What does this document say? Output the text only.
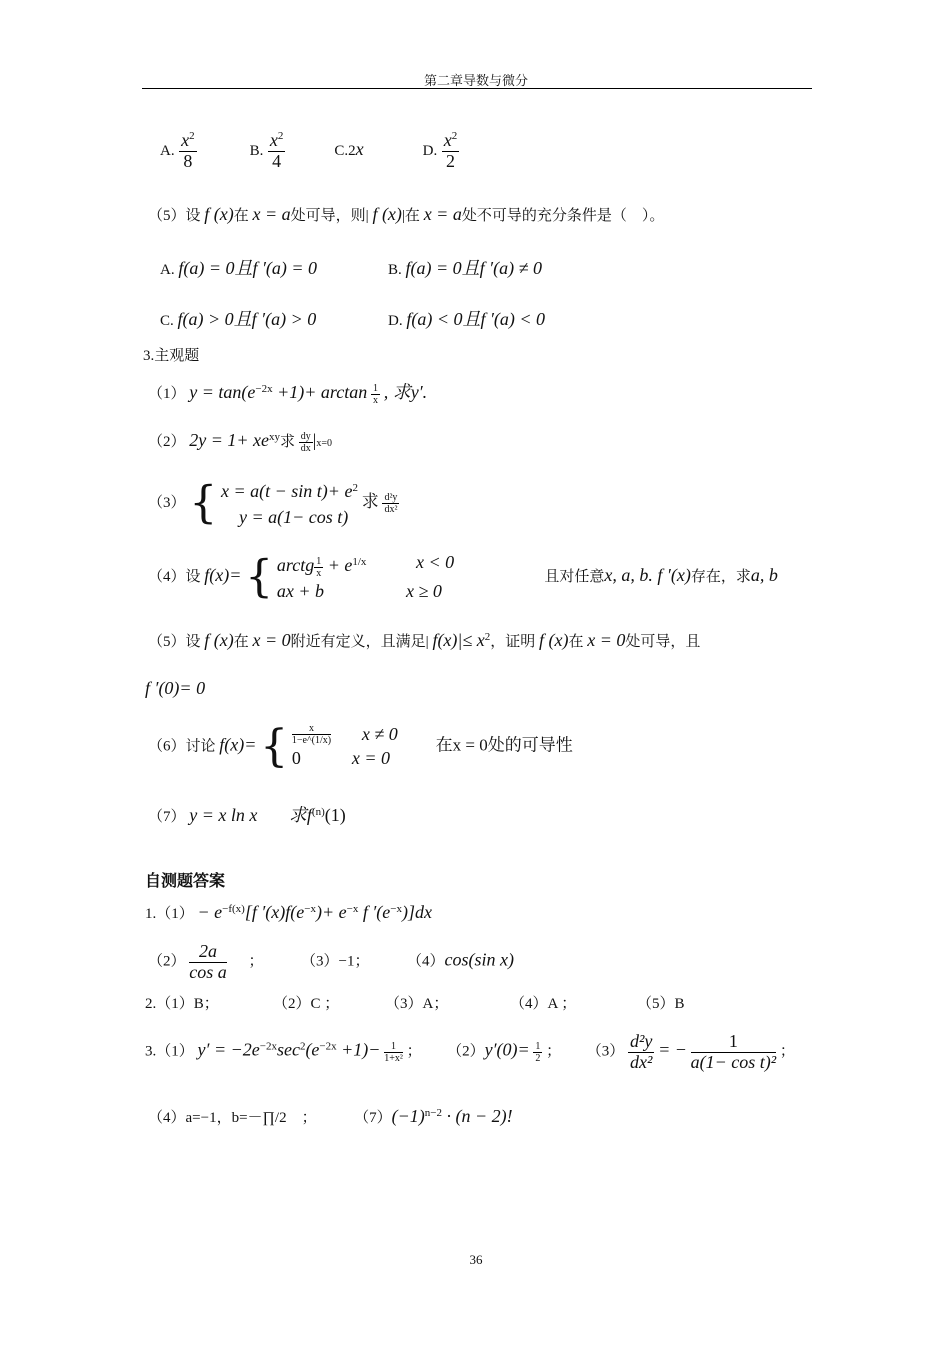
第二章导数与微分
A. $\frac{x^2}{8}$	B. $\frac{x^2}{4}$	C.2x	D. $\frac{x^2}{2}$
（5）设 f (x)在 x = a处可导，则| f (x)|在 x = a处不可导的充分条件是（　）。
A. f(a) = 0且f ′(a) = 0	B. f(a) = 0且f ′(a) ≠ 0
C. f(a) > 0且f ′(a) > 0	D. f(a) < 0且f ′(a) < 0
3.主观题
（1） $y = \tan(e^{-2x} +1)+ \arctan \frac{1}{x}$ , 求y′.
（2） $2y = 1+ xe^{xy}$求 $\frac{dy}{dx} |x=0$
（3） { $x = a(t - \sin t)+ e^2$
y = a(1− cos t) 求 $\frac{\text{d²y}}{\text{dx²}}$
（4）设 f(x)= { arctg $\frac{1}{x} + e^{1/x}$	x < 0

ax + b	x ≥ 0
且对任意x, a, b. f ′(x)存在，求a, b
（5）设 f (x)在 x = 0附近有定义，且满足| $f(x)|\le x^2$，证明 f (x)在 x = 0处可导，且
f ′(0)= 0
（6）讨论 f(x)= { $\frac{x}{1-e\^{}(1/x)}$ x ≠ 0

0	x = 0
在x = 0处的可导性
（7） y = x ln x 求$f^{(n)}(1)$
自测题答案
$1.(1) - e^{-f(x)}[f$ $'(x)f(e^{-x})+ e^{-x}$ f $'(e^{-x})]dx$
$(2) \frac{2a}{\text{cos a}}$ ；	（3）−1；	（4）cos(sin x)
2.（1）B；	（2）C ；	（3）A；	（4）A ；	（5）B
3.（1） $y' = -2e^{-2x}\sec^2(e^{-2x} +1)- \frac{1}{\text{1+x²}}$ ； $(2)y'(0)= \frac{1}{2}$ ； $(3) \frac{\text{d²y}}{\text{dx²}}$ = − $\frac{1}{\text{a(1− cos t)²}}$ ；
（4）a=−1，b=－∏/2　；	$(7)(-1)^{n-2} \cdot (n - 2)$!
36
